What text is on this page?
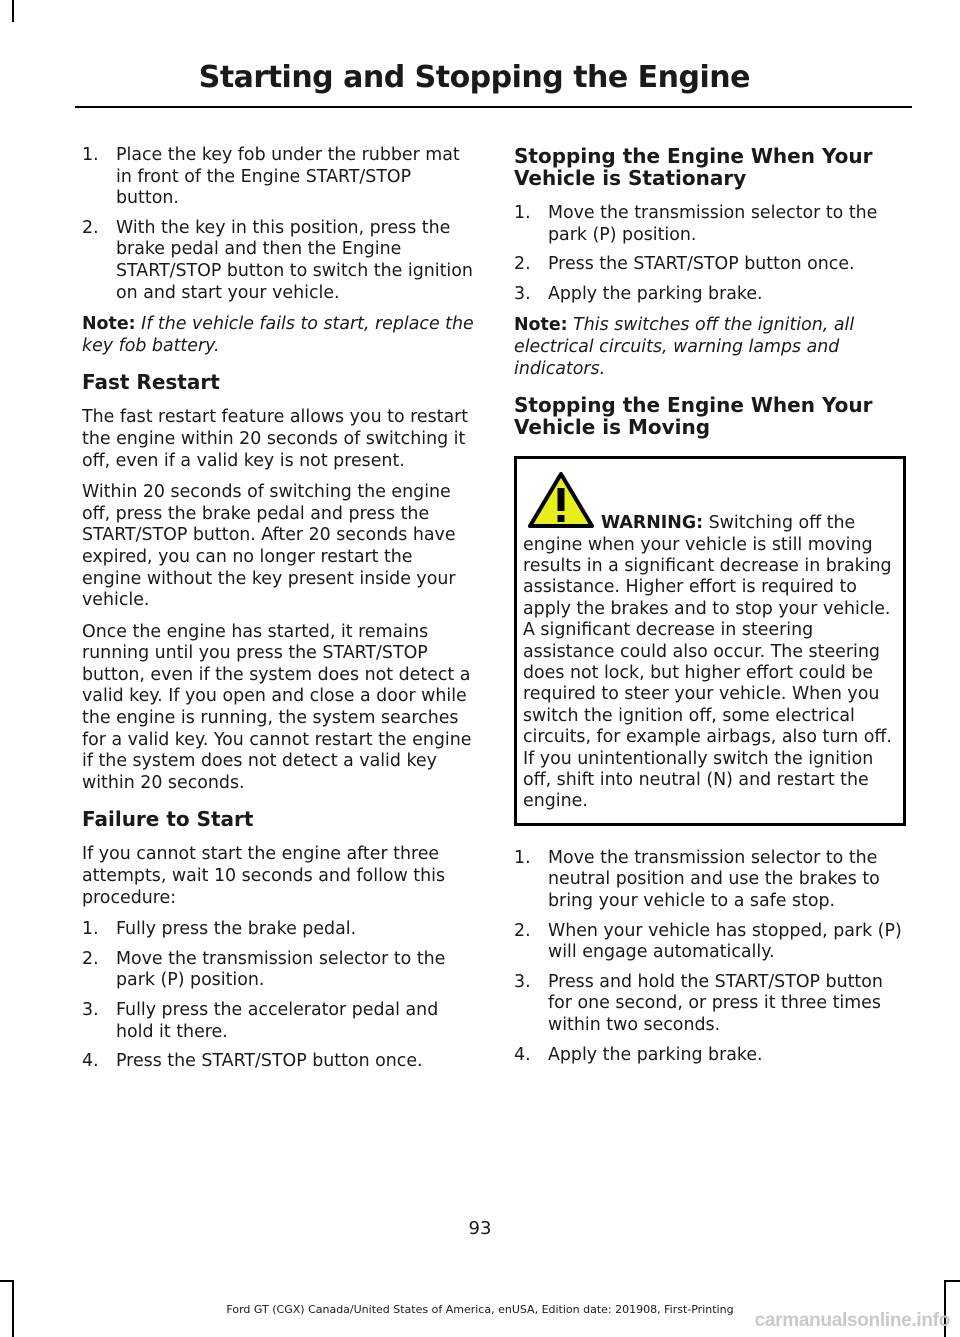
Starting and Stopping the Engine
1. Place the key fob under the rubber mat in front of the Engine START/STOP button.
2. With the key in this position, press the brake pedal and then the Engine START/STOP button to switch the ignition on and start your vehicle.

Note: If the vehicle fails to start, replace the key fob battery.

Fast Restart

The fast restart feature allows you to restart the engine within 20 seconds of switching it off, even if a valid key is not present.

Within 20 seconds of switching the engine off, press the brake pedal and press the START/STOP button. After 20 seconds have expired, you can no longer restart the engine without the key present inside your vehicle.

Once the engine has started, it remains running until you press the START/STOP button, even if the system does not detect a valid key. If you open and close a door while the engine is running, the system searches for a valid key. You cannot restart the engine if the system does not detect a valid key within 20 seconds.

Failure to Start

If you cannot start the engine after three attempts, wait 10 seconds and follow this procedure:

1. Fully press the brake pedal.
2. Move the transmission selector to the park (P) position.
3. Fully press the accelerator pedal and hold it there.
4. Press the START/STOP button once.
Stopping the Engine When Your Vehicle is Stationary
1. Move the transmission selector to the park (P) position.
2. Press the START/STOP button once.
3. Apply the parking brake.

Note: This switches off the ignition, all electrical circuits, warning lamps and indicators.

Stopping the Engine When Your Vehicle is Moving
WARNING: Switching off the engine when your vehicle is still moving results in a significant decrease in braking assistance. Higher effort is required to apply the brakes and to stop your vehicle. A significant decrease in steering assistance could also occur. The steering does not lock, but higher effort could be required to steer your vehicle. When you switch the ignition off, some electrical circuits, for example airbags, also turn off. If you unintentionally switch the ignition off, shift into neutral (N) and restart the engine.
1. Move the transmission selector to the neutral position and use the brakes to bring your vehicle to a safe stop.
2. When your vehicle has stopped, park (P) will engage automatically.
3. Press and hold the START/STOP button for one second, or press it three times within two seconds.
4. Apply the parking brake.
93
Ford GT (CGX) Canada/United States of America, enUSA, Edition date: 201908, First-Printing
carmanualsonline.info
